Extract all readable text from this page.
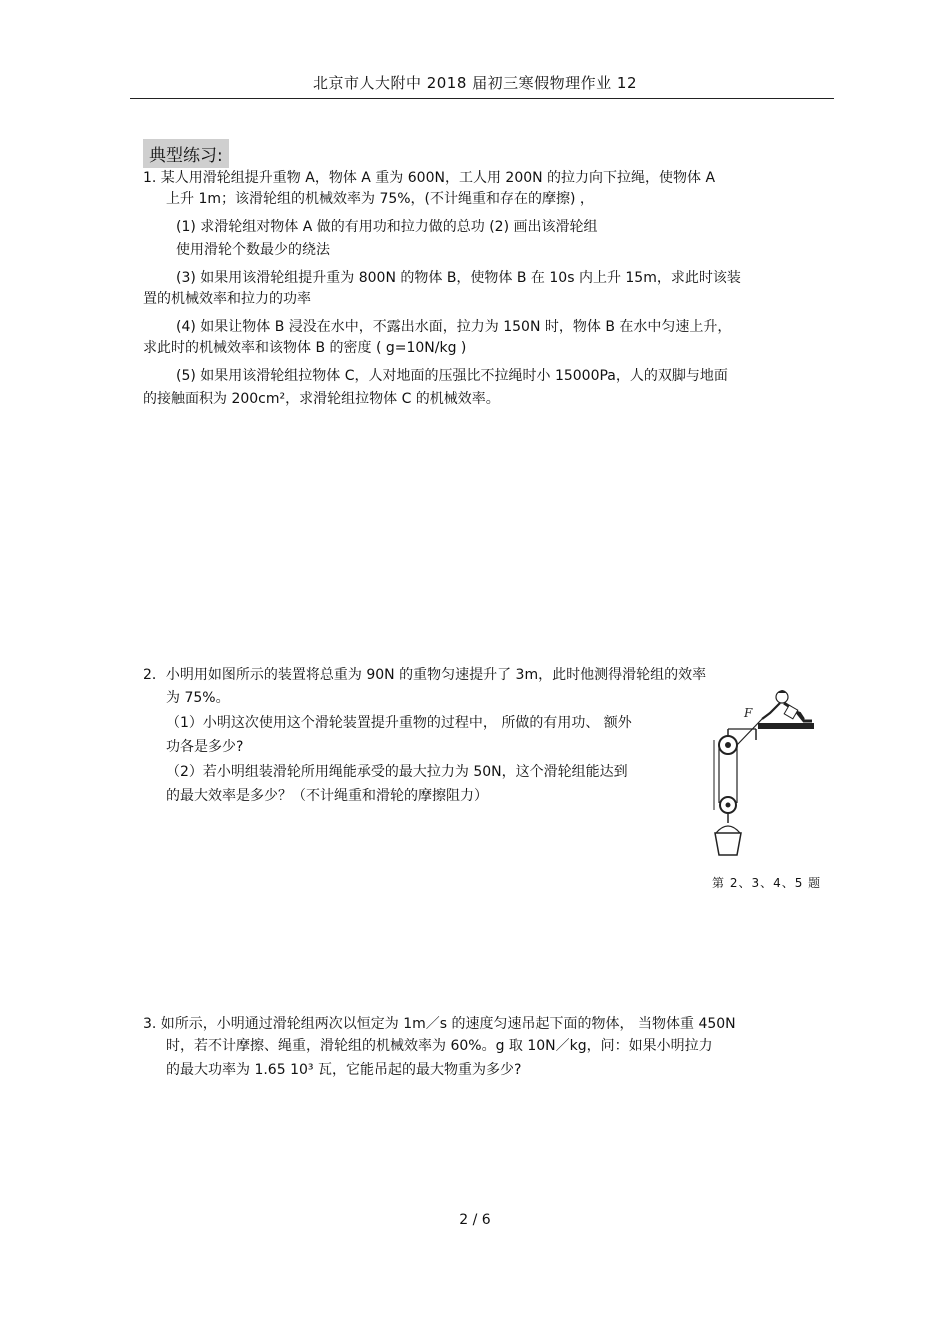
北京市人大附中 2018 届初三寒假物理作业 12
典型练习:
1. 某人用滑轮组提升重物 A，物体 A 重为 600N，工人用 200N 的拉力向下拉绳，使物体 A
上升 1m；该滑轮组的机械效率为 75%，(不计绳重和存在的摩擦) ，
(1) 求滑轮组对物体 A 做的有用功和拉力做的总功 (2) 画出该滑轮组
使用滑轮个数最少的绕法
(3) 如果用该滑轮组提升重为 800N 的物体 B，使物体 B 在 10s 内上升 15m，求此时该装
置的机械效率和拉力的功率
(4) 如果让物体 B 浸没在水中，不露出水面，拉力为 150N 时，物体 B 在水中匀速上升，
求此时的机械效率和该物体 B 的密度 ( g=10N/kg )
(5) 如果用该滑轮组拉物体 C，人对地面的压强比不拉绳时小 15000Pa，人的双脚与地面
的接触面积为 200cm²，求滑轮组拉物体 C 的机械效率。
2．小明用如图所示的装置将总重为 90N 的重物匀速提升了 3m，此时他测得滑轮组的效率
为 75%。
（1）小明这次使用这个滑轮装置提升重物的过程中， 所做的有用功、 额外
功各是多少?
（2）若小明组装滑轮所用绳能承受的最大拉力为 50N，这个滑轮组能达到
的最大效率是多少？（不计绳重和滑轮的摩擦阻力）
F
第 2、3、4、5 题
3. 如所示，小明通过滑轮组两次以恒定为 1m／s 的速度匀速吊起下面的物体， 当物体重 450N
时，若不计摩擦、绳重，滑轮组的机械效率为 60%。g 取 10N／kg，问：如果小明拉力
的最大功率为 1.65 10³ 瓦，它能吊起的最大物重为多少?
2 / 6
